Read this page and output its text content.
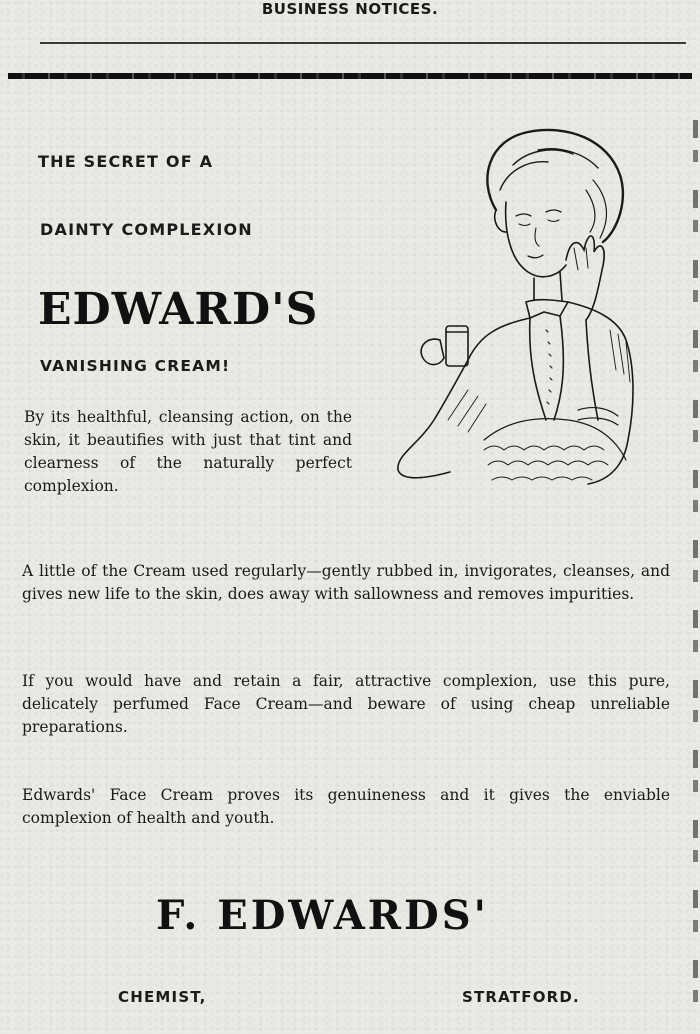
BUSINESS NOTICES.
THE SECRET OF A
DAINTY COMPLEXION
EDWARD'S
VANISHING CREAM!

By its healthful, cleansing action, on the skin, it beautifies with just that tint and clearness of the naturally perfect complexion.

A little of the Cream used regularly—gently rubbed in, invigorates, cleanses, and gives new life to the skin, does away with sallowness and removes impurities.

If you would have and retain a fair, attractive complexion, use this pure, delicately perfumed Face Cream—and beware of using cheap unreliable preparations.

Edwards' Face Cream proves its genuineness and it gives the enviable complexion of health and youth.

F. EDWARDS'
CHEMIST,	STRATFORD.
